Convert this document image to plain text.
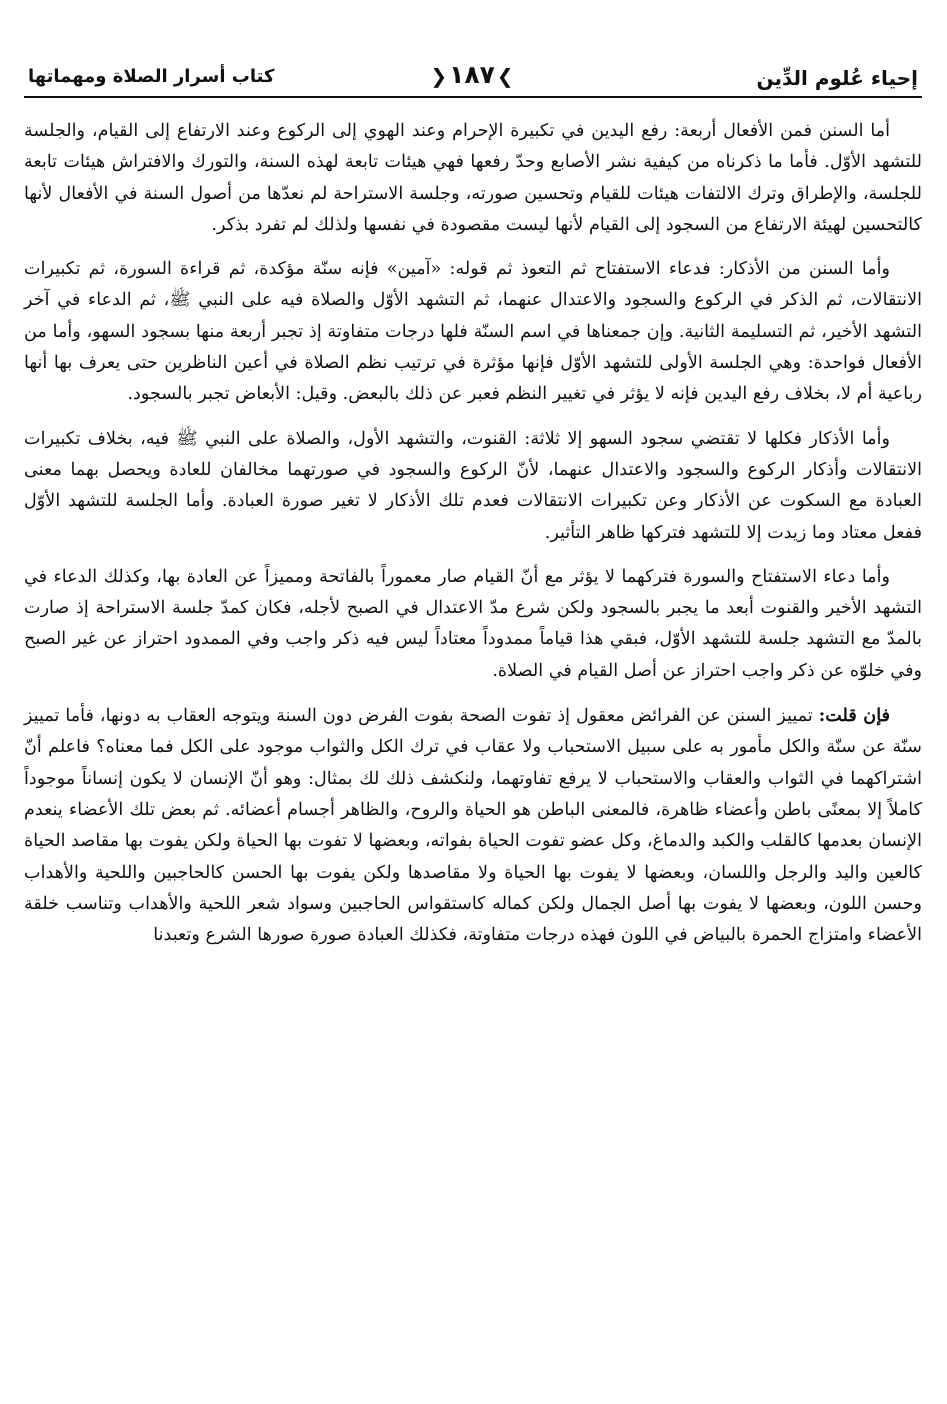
إحياء عُلوم الدِّين
❯١٨٧❮
كتاب أسرار الصلاة ومهماتها

أما السنن فمن الأفعال أربعة: رفع اليدين في تكبيرة الإحرام وعند الهوي إلى الركوع وعند الارتفاع إلى القيام، والجلسة للتشهد الأوّل. فأما ما ذكرناه من كيفية نشر الأصابع وحدّ رفعها فهي هيئات تابعة لهذه السنة، والتورك والافتراش هيئات تابعة للجلسة، والإطراق وترك الالتفات هيئات للقيام وتحسين صورته، وجلسة الاستراحة لم نعدّها من أصول السنة في الأفعال لأنها كالتحسين لهيئة الارتفاع من السجود إلى القيام لأنها ليست مقصودة في نفسها ولذلك لم تفرد بذكر.

وأما السنن من الأذكار: فدعاء الاستفتاح ثم التعوذ ثم قوله: «آمين» فإنه سنّة مؤكدة، ثم قراءة السورة، ثم تكبيرات الانتقالات، ثم الذكر في الركوع والسجود والاعتدال عنهما، ثم التشهد الأوّل والصلاة فيه على النبي ﷺ، ثم الدعاء في آخر التشهد الأخير، ثم التسليمة الثانية. وإن جمعناها في اسم السنّة فلها درجات متفاوتة إذ تجبر أربعة منها بسجود السهو، وأما من الأفعال فواحدة: وهي الجلسة الأولى للتشهد الأوّل فإنها مؤثرة في ترتيب نظم الصلاة في أعين الناظرين حتى يعرف بها أنها رباعية أم لا، بخلاف رفع اليدين فإنه لا يؤثر في تغيير النظم فعبر عن ذلك بالبعض. وقيل: الأبعاض تجبر بالسجود.

وأما الأذكار فكلها لا تقتضي سجود السهو إلا ثلاثة: القنوت، والتشهد الأول، والصلاة على النبي ﷺ فيه، بخلاف تكبيرات الانتقالات وأذكار الركوع والسجود والاعتدال عنهما، لأنّ الركوع والسجود في صورتهما مخالفان للعادة ويحصل بهما معنى العبادة مع السكوت عن الأذكار وعن تكبيرات الانتقالات فعدم تلك الأذكار لا تغير صورة العبادة. وأما الجلسة للتشهد الأوّل ففعل معتاد وما زيدت إلا للتشهد فتركها ظاهر التأثير.

وأما دعاء الاستفتاح والسورة فتركهما لا يؤثر مع أنّ القيام صار معموراً بالفاتحة ومميزاً عن العادة بها، وكذلك الدعاء في التشهد الأخير والقنوت أبعد ما يجبر بالسجود ولكن شرع مدّ الاعتدال في الصبح لأجله، فكان كمدّ جلسة الاستراحة إذ صارت بالمدّ مع التشهد جلسة للتشهد الأوّل، فبقي هذا قياماً ممدوداً معتاداً ليس فيه ذكر واجب وفي الممدود احتراز عن غير الصبح وفي خلوّه عن ذكر واجب احتراز عن أصل القيام في الصلاة.

فإن قلت: تمييز السنن عن الفرائض معقول إذ تفوت الصحة بفوت الفرض دون السنة ويتوجه العقاب به دونها، فأما تمييز سنّة عن سنّة والكل مأمور به على سبيل الاستحباب ولا عقاب في ترك الكل والثواب موجود على الكل فما معناه؟ فاعلم أنّ اشتراكهما في الثواب والعقاب والاستحباب لا يرفع تفاوتهما، ولنكشف ذلك لك بمثال: وهو أنّ الإنسان لا يكون إنساناً موجوداً كاملاً إلا بمعنًى باطن وأعضاء ظاهرة، فالمعنى الباطن هو الحياة والروح، والظاهر أجسام أعضائه. ثم بعض تلك الأعضاء ينعدم الإنسان بعدمها كالقلب والكبد والدماغ، وكل عضو تفوت الحياة بفواته، وبعضها لا تفوت بها الحياة ولكن يفوت بها مقاصد الحياة كالعين واليد والرجل واللسان، وبعضها لا يفوت بها الحياة ولا مقاصدها ولكن يفوت بها الحسن كالحاجبين واللحية والأهداب وحسن اللون، وبعضها لا يفوت بها أصل الجمال ولكن كماله كاستقواس الحاجبين وسواد شعر اللحية والأهداب وتناسب خلقة الأعضاء وامتزاج الحمرة بالبياض في اللون فهذه درجات متفاوتة، فكذلك العبادة صورة صورها الشرع وتعبدنا
